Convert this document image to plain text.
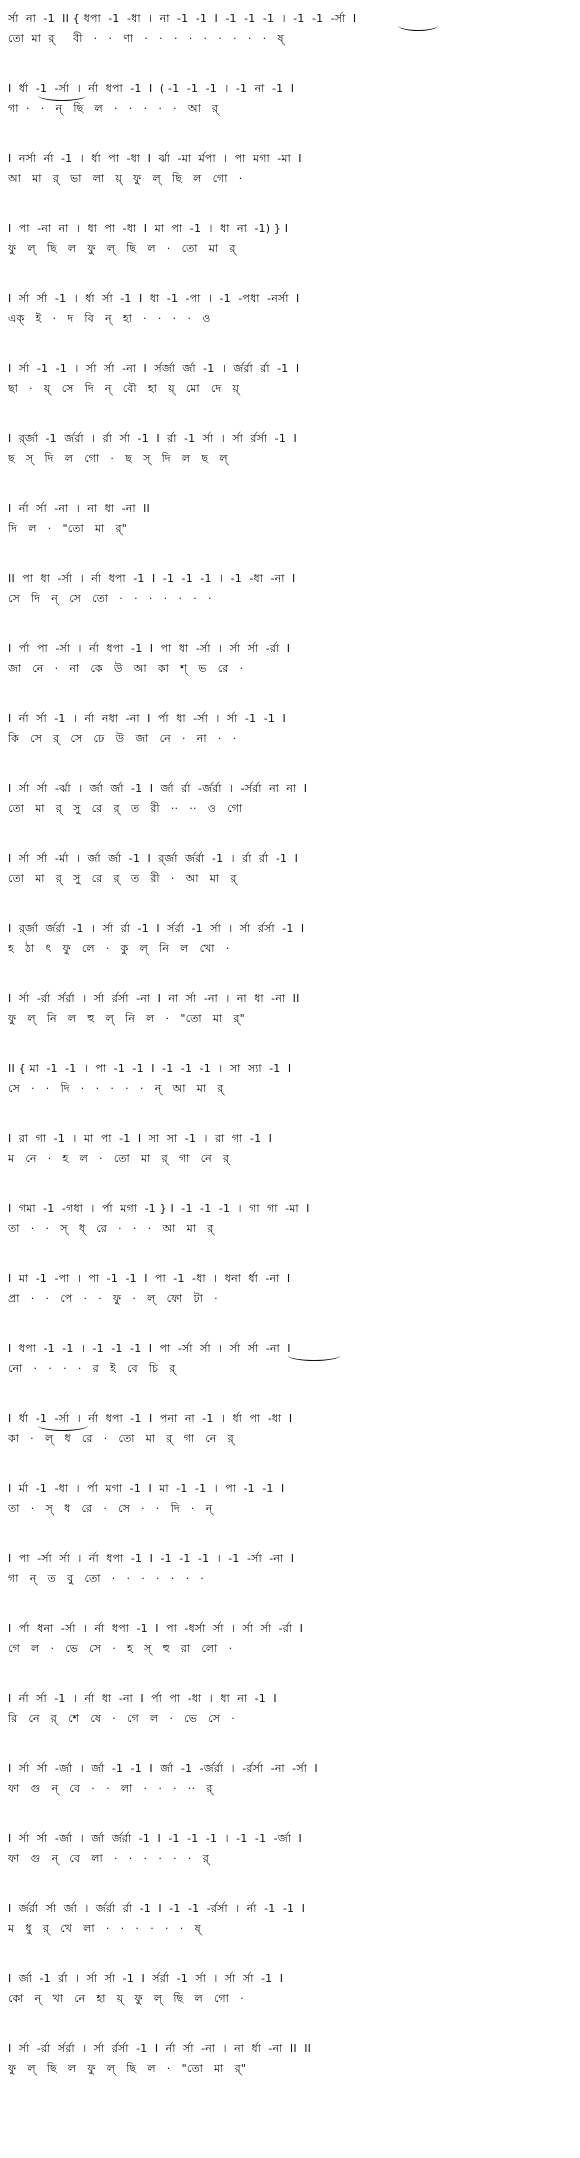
র্সা  না  -1  II { ধপা  -1  -ধা  ।  না  -1  -1  I  -1  -1  -1  ।  -1  -1  -র্সা  I
তো  মা  র্     বী   ·   ·   ণা   ·   ·   ·   ·   ·   ·   ·   ·   ·   ষ্
I  র্ধা  -1  -র্সা  ।  র্না  ধপা  -1  I  ( -1  -1  -1  ।  -1  না  -1  I
গা  ·   ·   ন্   ছি   ল   ·   ·   ·   ·   ·   আ   র্
I  নর্সা  র্না  -1  ।  র্ধা  পা  -ধা  I  র্ঝা  -মা  র্মপা  ।  পা  মগা  -মা  I
আ   মা   র্   ভা   লা   য়্   ফু   ল্   ছি   ল   গো   ·
I  পা  -না  না  ।  ধা  পা  -ধা  I  মা  পা  -1  ।  ধা  না  -1) } I
ফু   ল্   ছি   ল   ফু   ল্   ছি   ল   ·   তো   মা   র্
I  র্সা  র্সা  -1  ।  র্ধা  র্সা  -1  I  ধা  -1  -পা  ।  -1  -পধা  -নর্সা  I
এক্   ই   ·   দ   বি   ন্   হা   ·   ·   ·   ·   ও
I  র্সা  -1  -1  ।  র্সা  র্সা  -না  I  র্সর্জা  র্জা  -1  ।  র্জর্রা  র্রা  -1  I
ছা   ·   য়্   সে   দি   ন্   বৌ   হা   য়্   মো   দে   য়্
I  র্র্জা  -1  র্জর্রা  ।  র্রা  র্সা  -1  I  র্রা  -1  র্সা  ।  র্সা  র্রর্সা  -1  I
ছ   স্   দি   ল   গো   ·   ছ   স্   দি   ল   ছ   ল্
I  র্না  র্সা  -না  ।  না  ধা  -না  II
দি   ল   ·   "তো   মা   র্"
II  পা  ধা  -র্সা  ।  র্না  ধপা  -1  I  -1  -1  -1  ।  -1  -ধা  -না  I
সে   দি   ন্   সে   তো   ·   ·   ·   ·   ·   ·   ·
I  র্পা  পা  -র্সা  ।  র্না  ধপা  -1  I  পা  ধা  -র্সা  ।  র্সা  র্সা  -র্রা  I
জা   নে   ·   না   কে   উ   আ   কা   শ্   ভ   রে   ·
I  র্না  র্সা  -1  ।  র্না  নধা  -না  I  র্পা  ধা  -র্সা  ।  র্সা  -1  -1  I
কি   সে   র্   সে   ঢে   উ   জা   নে   ·   না   ·   ·
I  র্সা  র্সা  -র্ঝা  ।  র্জা  র্জা  -1  I  র্জা  র্রা  -র্জর্রা  ।  -র্সর্রা  না  না  I
তো   মা   র্   সু   রে   র্   ত   রী   ··   ··   ও   গো
I  র্সা  র্সা  -র্মা  ।  র্জা  র্জা  -1  I  র্র্জা  র্জর্রা  -1  ।  র্রা  র্রা  -1  I
তো   মা   র্   সু   রে   র্   ত   রী   ·   আ   মা   র্
I  র্র্জা  র্জর্রা  -1  ।  র্সা  র্রা  -1  I  র্সর্রা  -1  র্সা  ।  র্সা  র্রর্সা  -1  I
হ   ঠা   ৎ   ফু   লে   ·   কু   ল্   নি   ল   খো   ·
I  র্সা  -র্রা  র্সর্রা  ।  র্সা  র্রর্সা  -না  I  না  র্সা  -না  ।  না  ধা  -না  II
ফু   ল্   নি   ল   হু   ল্   নি   ল   ·   "তো   মা   র্"
II { মা  -1  -1  ।  পা  -1  -1  I  -1  -1  -1  ।  সা  স্যা  -1  I
সে   ·   ·   দি   ·   ·   ·   ·   ·   ন্   আ   মা   র্
I  রা  গা  -1  ।  মা  পা  -1  I  সা  সা  -1  ।  রা  গা  -1  I
ম   নে   ·   হ   ল   ·   তো   মা   র্   গা   নে   র্
I  গমা  -1  -গধা  ।  র্পা  মগা  -1 } I  -1  -1  -1  ।  গা  গা  -মা  I
তা   ·   ·   স্   ধ্   রে   ·   ·   ·   আ   মা   র্
I  মা  -1  -পা  ।  পা  -1  -1  I  পা  -1  -ধা  ।  ধনা  র্ধা  -না  I
প্রা   ·   ·   পে   ·   ·   ফু   ·   ল্   ফো   টা   ·
I  ধপা  -1  -1  ।  -1  -1  -1  I  পা  -র্সা  র্সা  ।  র্সা  র্সা  -না  I
নো   ·   ·   ·   ·   র   ই   বে   চি   র্
I  র্ধা  -1  -র্সা  ।  র্না  ধপা  -1  I  পনা  না  -1  ।  র্ধা  পা  -ধা  I
কা   ·   ল্   ধ   রে   ·   তো   মা   র্   গা   নে   র্
I  র্মা  -1  -ধা  ।  র্পা  মগা  -1  I  মা  -1  -1  ।  পা  -1  -1  I
তা   ·   স্   ধ   রে   ·   সে   ·   ·   দি   ·   ন্
I  পা  -র্সা  র্সা  ।  র্না  ধপা  -1  I  -1  -1  -1  ।  -1  -র্সা  -না  I
গা   ন্   ত   বু   তো   ·   ·   ·   ·   ·   ·   ·
I  র্পা  ধনা  -র্সা  ।  র্না  ধপা  -1  I  পা  -ধর্সা  র্সা  ।  র্সা  র্সা  -র্রা  I
গে   ল   ·   ভে   সে   ·   হ   স্   হু   রা   লো   ·
I  র্না  র্সা  -1  ।  র্না  ধা  -না  I  র্পা  পা  -ধা  ।  ধা  না  -1  I
রি   নে   র্   শে   ষে   ·   গে   ল   ·   ভে   সে   ·
I  র্সা  র্সা  -র্জা  ।  র্জা  -1  -1  I  র্জা  -1  -র্জর্রা  ।  -র্রর্সা  -না  -র্সা  I
ফা   গু   ন্   বে   ·   ·   লা   ·   ·   ·   ··   র্
I  র্সা  র্সা  -র্জা  ।  র্জা  র্জর্রা  -1  I  -1  -1  -1  ।  -1  -1  -র্জা  I
ফা   গু   ন্   বে   লা   ·   ·   ·   ·   ·   ·   র্
I  র্জর্রা  র্সা  র্জা  ।  র্জর্রা  র্রা  -1  I  -1  -1  -র্রর্সা  ।  র্না  -1  -1  I
ম   ধু   র্   খে   লা   ·   ·   ·   ·   ·   ·   ষ্
I  র্জা  -1  র্রা  ।  র্সা  র্সা  -1  I  র্সর্রা  -1  র্সা  ।  র্সা  র্সা  -1  I
কো   ন্   খা   নে   হা   য়্   ফু   ল্   ছি   ল   গো   ·
I  র্সা  -র্রা  র্সর্রা  ।  র্সা  র্রর্সা  -1  I  র্না  র্সা  -না  ।  না  র্ধা  -না  II  II
ফু   ল্   ছি   ল   ফু   ল্   ছি   ল   ·   "তো   মা   র্"
